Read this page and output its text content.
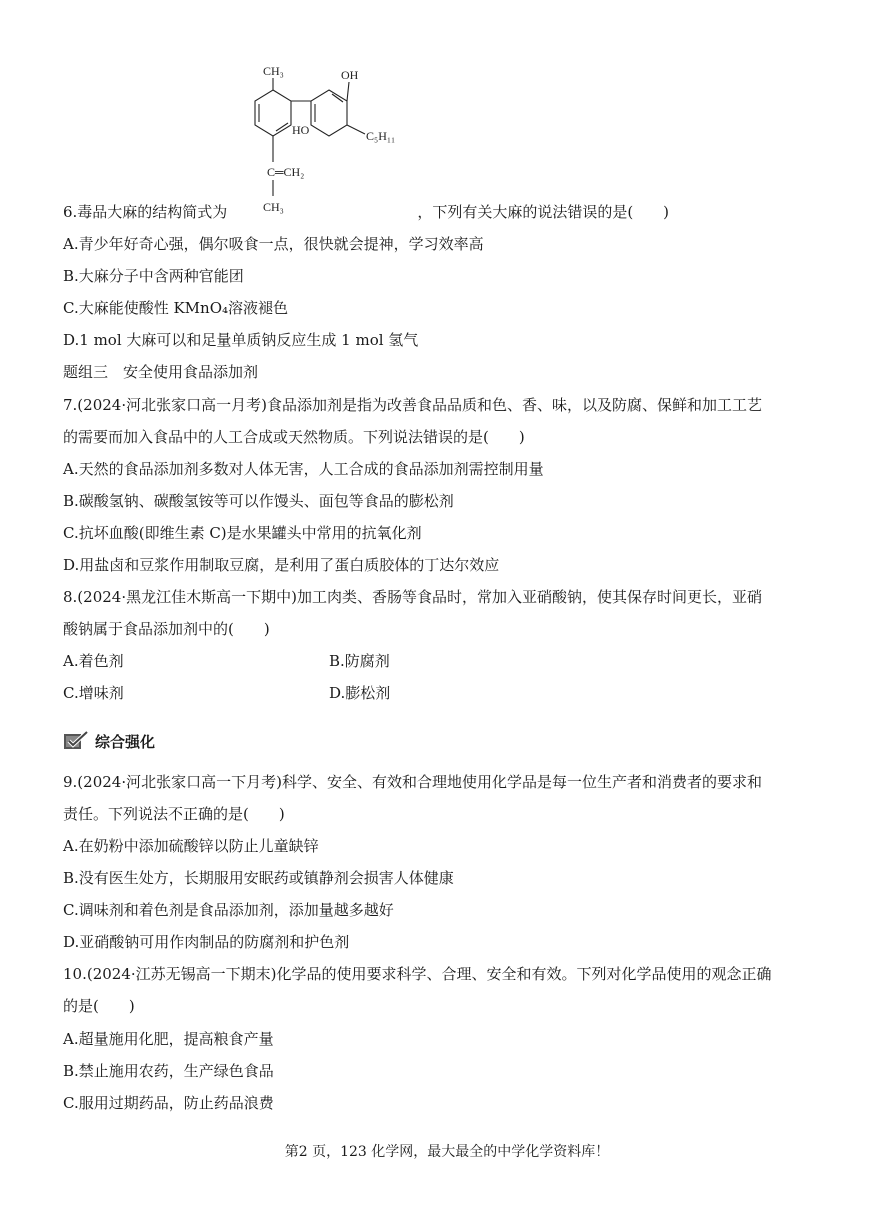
CH₃	OH
HO	C₅H₁₁
C═CH₂
CH₃
6.毒品大麻的结构简式为	，下列有关大麻的说法错误的是(　　)
A.青少年好奇心强，偶尔吸食一点，很快就会提神，学习效率高
B.大麻分子中含两种官能团
C.大麻能使酸性 KMnO₄溶液褪色
D.1 mol 大麻可以和足量单质钠反应生成 1 mol 氢气
题组三　安全使用食品添加剂
7.(2024·河北张家口高一月考)食品添加剂是指为改善食品品质和色、香、味，以及防腐、保鲜和加工工艺
的需要而加入食品中的人工合成或天然物质。下列说法错误的是(　　)
A.天然的食品添加剂多数对人体无害，人工合成的食品添加剂需控制用量
B.碳酸氢钠、碳酸氢铵等可以作馒头、面包等食品的膨松剂
C.抗坏血酸(即维生素 C)是水果罐头中常用的抗氧化剂
D.用盐卤和豆浆作用制取豆腐，是利用了蛋白质胶体的丁达尔效应
8.(2024·黑龙江佳木斯高一下期中)加工肉类、香肠等食品时，常加入亚硝酸钠，使其保存时间更长，亚硝
酸钠属于食品添加剂中的(　　)
A.着色剂	B.防腐剂
C.增味剂	D.膨松剂
综合强化
9.(2024·河北张家口高一下月考)科学、安全、有效和合理地使用化学品是每一位生产者和消费者的要求和
责任。下列说法不正确的是(　　)
A.在奶粉中添加硫酸锌以防止儿童缺锌
B.没有医生处方，长期服用安眠药或镇静剂会损害人体健康
C.调味剂和着色剂是食品添加剂，添加量越多越好
D.亚硝酸钠可用作肉制品的防腐剂和护色剂
10.(2024·江苏无锡高一下期末)化学品的使用要求科学、合理、安全和有效。下列对化学品使用的观念正确
的是(　　)
A.超量施用化肥，提高粮食产量
B.禁止施用农药，生产绿色食品
C.服用过期药品，防止药品浪费
第2 页，123 化学网，最大最全的中学化学资料库！
